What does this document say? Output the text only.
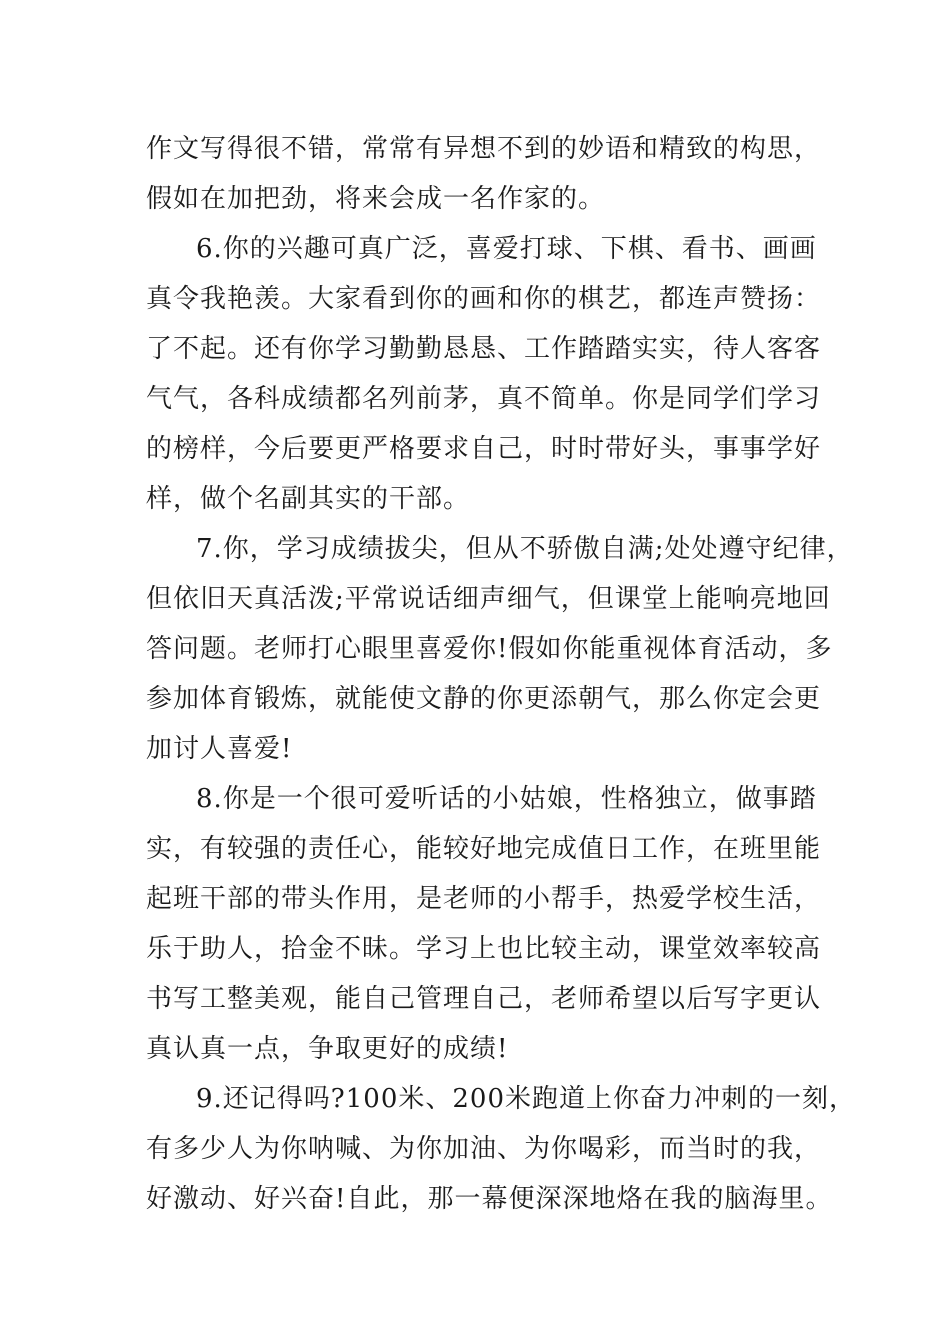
作文写得很不错，常常有异想不到的妙语和精致的构思，
假如在加把劲，将来会成一名作家的。
6.你的兴趣可真广泛，喜爱打球、下棋、看书、画画
真令我艳羡。大家看到你的画和你的棋艺，都连声赞扬：
了不起。还有你学习勤勤恳恳、工作踏踏实实，待人客客
气气，各科成绩都名列前茅，真不简单。你是同学们学习
的榜样，今后要更严格要求自己，时时带好头，事事学好
样，做个名副其实的干部。
7.你，学习成绩拔尖，但从不骄傲自满;处处遵守纪律，
但依旧天真活泼;平常说话细声细气，但课堂上能响亮地回
答问题。老师打心眼里喜爱你!假如你能重视体育活动，多
参加体育锻炼，就能使文静的你更添朝气，那么你定会更
加讨人喜爱!
8.你是一个很可爱听话的小姑娘，性格独立，做事踏
实，有较强的责任心，能较好地完成值日工作，在班里能
起班干部的带头作用，是老师的小帮手，热爱学校生活，
乐于助人，拾金不昧。学习上也比较主动，课堂效率较高
书写工整美观，能自己管理自己，老师希望以后写字更认
真认真一点，争取更好的成绩!
9.还记得吗?100米、200米跑道上你奋力冲刺的一刻，
有多少人为你呐喊、为你加油、为你喝彩，而当时的我，
好激动、好兴奋!自此，那一幕便深深地烙在我的脑海里。
